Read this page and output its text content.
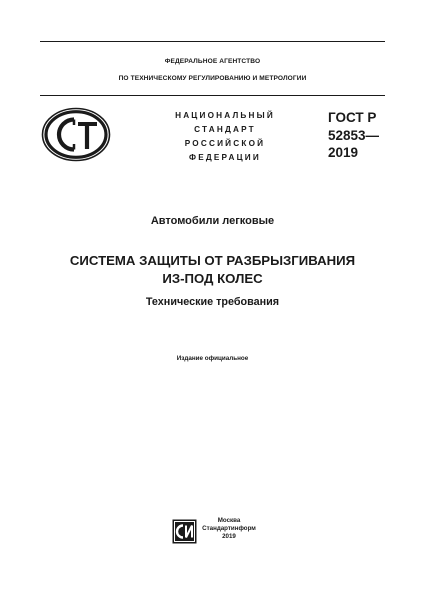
ФЕДЕРАЛЬНОЕ АГЕНТСТВО
ПО ТЕХНИЧЕСКОМУ РЕГУЛИРОВАНИЮ И МЕТРОЛОГИИ
СТ
НАЦИОНАЛЬНЫЙ
СТАНДАРТ
РОССИЙСКОЙ
ФЕДЕРАЦИИ
ГОСТ Р
52853—
2019
Автомобили легковые
СИСТЕМА ЗАЩИТЫ ОТ РАЗБРЫЗГИВАНИЯ
ИЗ-ПОД КОЛЕС
Технические требования
Издание официальное
Москва
Стандартинформ
2019
